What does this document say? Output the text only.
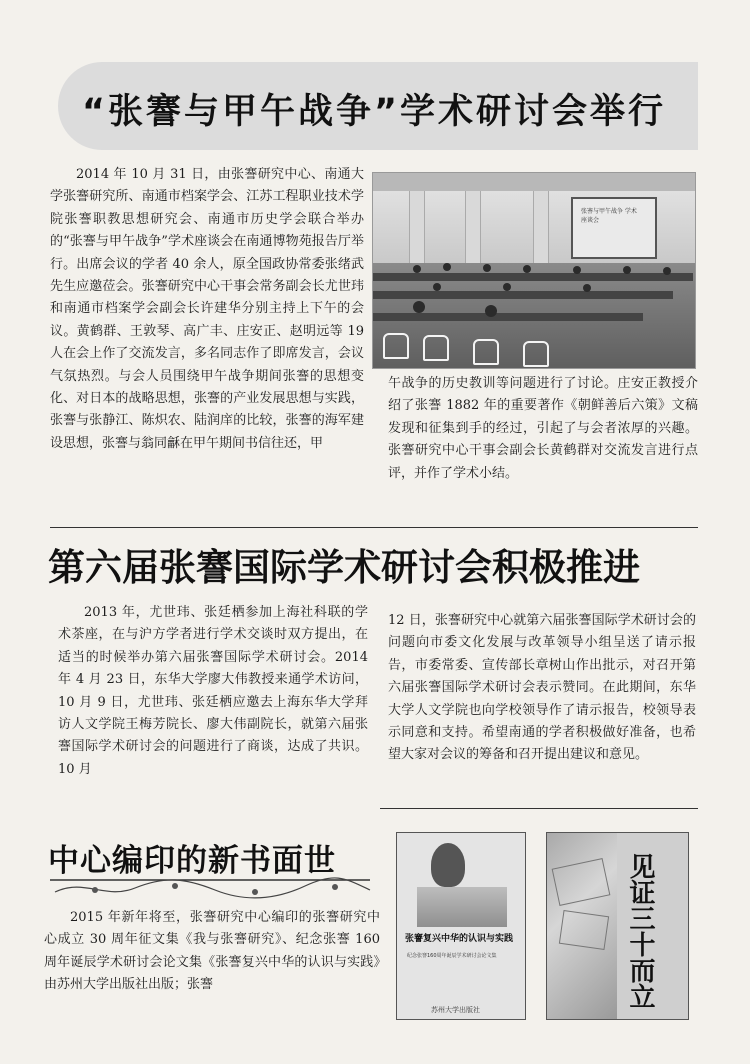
“张謇与甲午战争”学术研讨会举行

2014 年 10 月 31 日，由张謇研究中心、南通大学张謇研究所、南通市档案学会、江苏工程职业技术学院张謇职教思想研究会、南通市历史学会联合举办的“张謇与甲午战争”学术座谈会在南通博物苑报告厅举行。出席会议的学者 40 余人，原全国政协常委张绪武先生应邀莅会。张謇研究中心干事会常务副会长尤世玮和南通市档案学会副会长许建华分别主持上下午的会议。黄鹤群、王敦琴、高广丰、庄安正、赵明远等 19 人在会上作了交流发言，多名同志作了即席发言，会议气氛热烈。与会人员围绕甲午战争期间张謇的思想变化、对日本的战略思想，张謇的产业发展思想与实践，张謇与张静江、陈炽农、陆润庠的比较，张謇的海军建设思想，张謇与翁同龢在甲午期间书信往还，甲

张謇与甲午战争 学术座谈会

午战争的历史教训等问题进行了讨论。庄安正教授介绍了张謇 1882 年的重要著作《朝鲜善后六策》文稿发现和征集到手的经过，引起了与会者浓厚的兴趣。张謇研究中心干事会副会长黄鹤群对交流发言进行点评，并作了学术小结。

第六届张謇国际学术研讨会积极推进

2013 年，尤世玮、张廷栖参加上海社科联的学术茶座，在与沪方学者进行学术交谈时双方提出，在适当的时候举办第六届张謇国际学术研讨会。2014 年 4 月 23 日，东华大学廖大伟教授来通学术访问，10 月 9 日，尤世玮、张廷栖应邀去上海东华大学拜访人文学院王梅芳院长、廖大伟副院长，就第六届张謇国际学术研讨会的问题进行了商谈，达成了共识。10 月

12 日，张謇研究中心就第六届张謇国际学术研讨会的问题向市委文化发展与改革领导小组呈送了请示报告，市委常委、宣传部长章树山作出批示，对召开第六届张謇国际学术研讨会表示赞同。在此期间，东华大学人文学院也向学校领导作了请示报告，校领导表示同意和支持。希望南通的学者积极做好准备，也希望大家对会议的筹备和召开提出建议和意见。

中心编印的新书面世

2015 年新年将至，张謇研究中心编印的张謇研究中心成立 30 周年征文集《我与张謇研究》、纪念张謇 160 周年诞辰学术研讨会论文集《张謇复兴中华的认识与实践》由苏州大学出版社出版；张謇

张謇复兴中华的认识与实践
纪念张謇160周年诞辰学术研讨会论文集
苏州大学出版社
见证三十而立
